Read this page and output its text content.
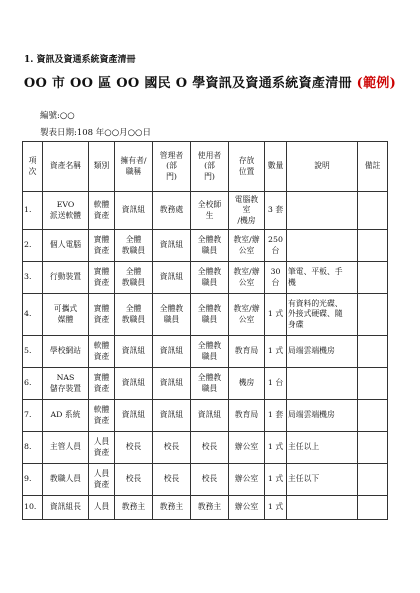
1. 資訊及資通系統資產清冊
OO 市 OO 區 OO 國民 O 學資訊及資通系統資產清冊 (範例)
編號:○○
製表日期:108 年○○月○○日
項
次	資產名稱	類別	擁有者/
職稱	管理者
(部
門)	使用者
(部
門)	存放
位置	數量	說明	備註
1.	EVO
派送軟體	軟體
資產	資訊組	教務處	全校師
生	電腦教
室
/機房	3 套		
2.	個人電腦	實體
資產	全體
教職員	資訊組	全體教
職員	教室/辦
公室	250
台		
3.	行動裝置	實體
資產	全體
教職員	資訊組	全體教
職員	教室/辦
公室	30 台	筆電、平板、手
機	
4.	可攜式
媒體	實體
資產	全體
教職員	全體教
職員	全體教
職員	教室/辦
公室	1 式	有資料的光碟、
外接式硬碟、隨
身碟	
5.	學校網站	軟體
資產	資訊組	資訊組	全體教
職員	教育局	1 式	局端雲端機房	
6.	NAS
儲存裝置	實體
資產	資訊組	資訊組	全體教
職員	機房	1 台		
7.	AD 系統	軟體
資產	資訊組	資訊組	資訊組	教育局	1 套	局端雲端機房	
8.	主管人員	人員
資產	校長	校長	校長	辦公室	1 式	主任以上	
9.	教職人員	人員
資產	校長	校長	校長	辦公室	1 式	主任以下	
10.	資訊組長	人員	教務主	教務主	教務主	辦公室	1 式		
